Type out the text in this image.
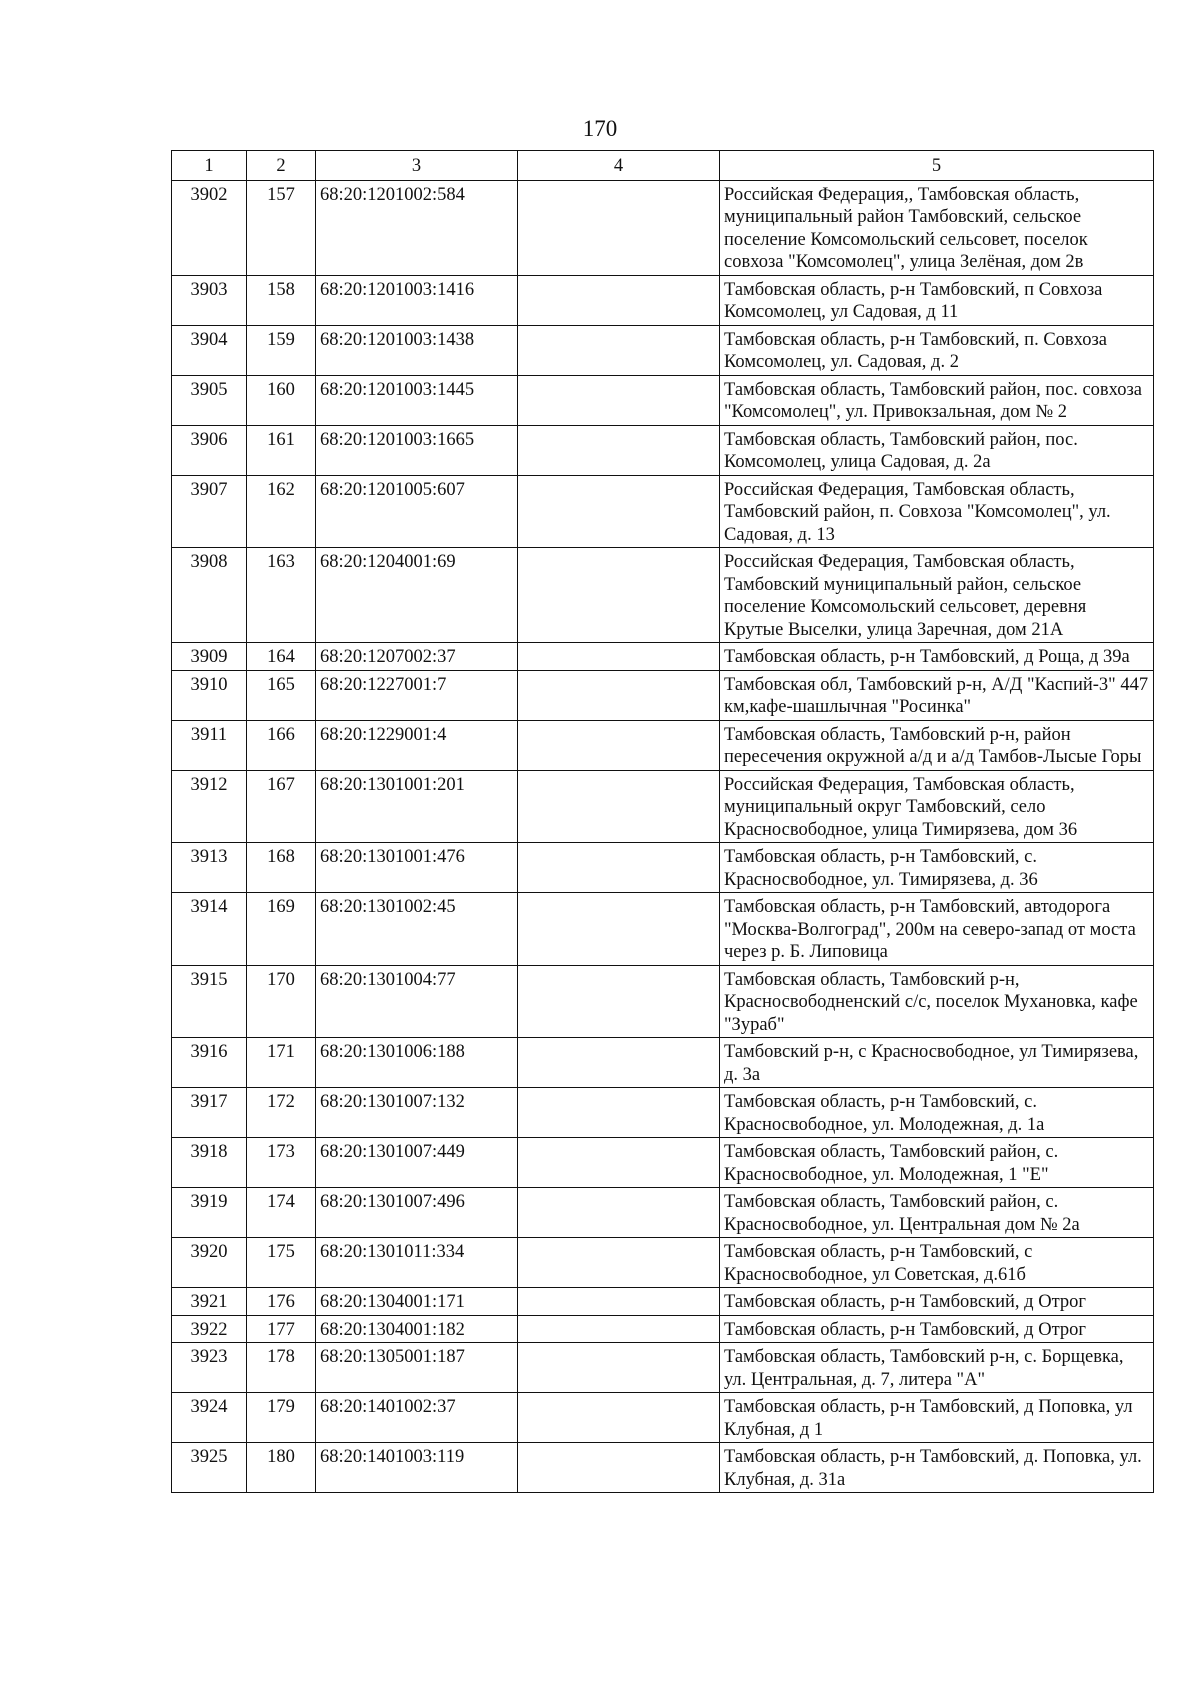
170
1	2	3	4	5
3902	157	68:20:1201002:584		Российская Федерация,, Тамбовская область, муниципальный район Тамбовский, сельское поселение Комсомольский сельсовет, поселок совхоза "Комсомолец", улица Зелёная, дом 2в
3903	158	68:20:1201003:1416		Тамбовская область, р-н Тамбовский, п Совхоза Комсомолец, ул Садовая, д 11
3904	159	68:20:1201003:1438		Тамбовская область, р-н Тамбовский, п. Совхоза Комсомолец, ул. Садовая, д. 2
3905	160	68:20:1201003:1445		Тамбовская область, Тамбовский район, пос. совхоза "Комсомолец", ул. Привокзальная, дом № 2
3906	161	68:20:1201003:1665		Тамбовская область, Тамбовский район, пос. Комсомолец, улица Садовая, д. 2а
3907	162	68:20:1201005:607		Российская Федерация, Тамбовская область, Тамбовский район, п. Совхоза "Комсомолец", ул. Садовая, д. 13
3908	163	68:20:1204001:69		Российская Федерация, Тамбовская область, Тамбовский муниципальный район, сельское поселение Комсомольский сельсовет, деревня Крутые Выселки, улица Заречная, дом 21А
3909	164	68:20:1207002:37		Тамбовская область, р-н Тамбовский, д Роща, д 39а
3910	165	68:20:1227001:7		Тамбовская обл, Тамбовский р-н, А/Д "Каспий-3" 447 км,кафе-шашлычная "Росинка"
3911	166	68:20:1229001:4		Тамбовская область, Тамбовский р-н, район пересечения окружной а/д и а/д Тамбов-Лысые Горы
3912	167	68:20:1301001:201		Российская Федерация, Тамбовская область, муниципальный округ Тамбовский, село Красносвободное, улица Тимирязева, дом 36
3913	168	68:20:1301001:476		Тамбовская область, р-н Тамбовский, с. Красносвободное, ул. Тимирязева, д. 36
3914	169	68:20:1301002:45		Тамбовская область, р-н Тамбовский, автодорога "Москва-Волгоград", 200м на северо-запад от моста через р. Б. Липовица
3915	170	68:20:1301004:77		Тамбовская область, Тамбовский р-н, Красносвободненский с/с, поселок Мухановка, кафе "Зураб"
3916	171	68:20:1301006:188		Тамбовский р-н, с Красносвободное, ул Тимирязева, д. 3а
3917	172	68:20:1301007:132		Тамбовская область, р-н Тамбовский, с. Красносвободное, ул. Молодежная, д. 1а
3918	173	68:20:1301007:449		Тамбовская область, Тамбовский район, с. Красносвободное, ул. Молодежная, 1 "Е"
3919	174	68:20:1301007:496		Тамбовская область, Тамбовский район, с. Красносвободное, ул. Центральная дом № 2а
3920	175	68:20:1301011:334		Тамбовская область, р-н Тамбовский, с Красносвободное, ул Советская, д.61б
3921	176	68:20:1304001:171		Тамбовская область, р-н Тамбовский, д Отрог
3922	177	68:20:1304001:182		Тамбовская область, р-н Тамбовский, д Отрог
3923	178	68:20:1305001:187		Тамбовская область, Тамбовский р-н, с. Борщевка, ул. Центральная, д. 7, литера "А"
3924	179	68:20:1401002:37		Тамбовская область, р-н Тамбовский, д Поповка, ул Клубная, д 1
3925	180	68:20:1401003:119		Тамбовская область, р-н Тамбовский, д. Поповка, ул. Клубная, д. 31а
